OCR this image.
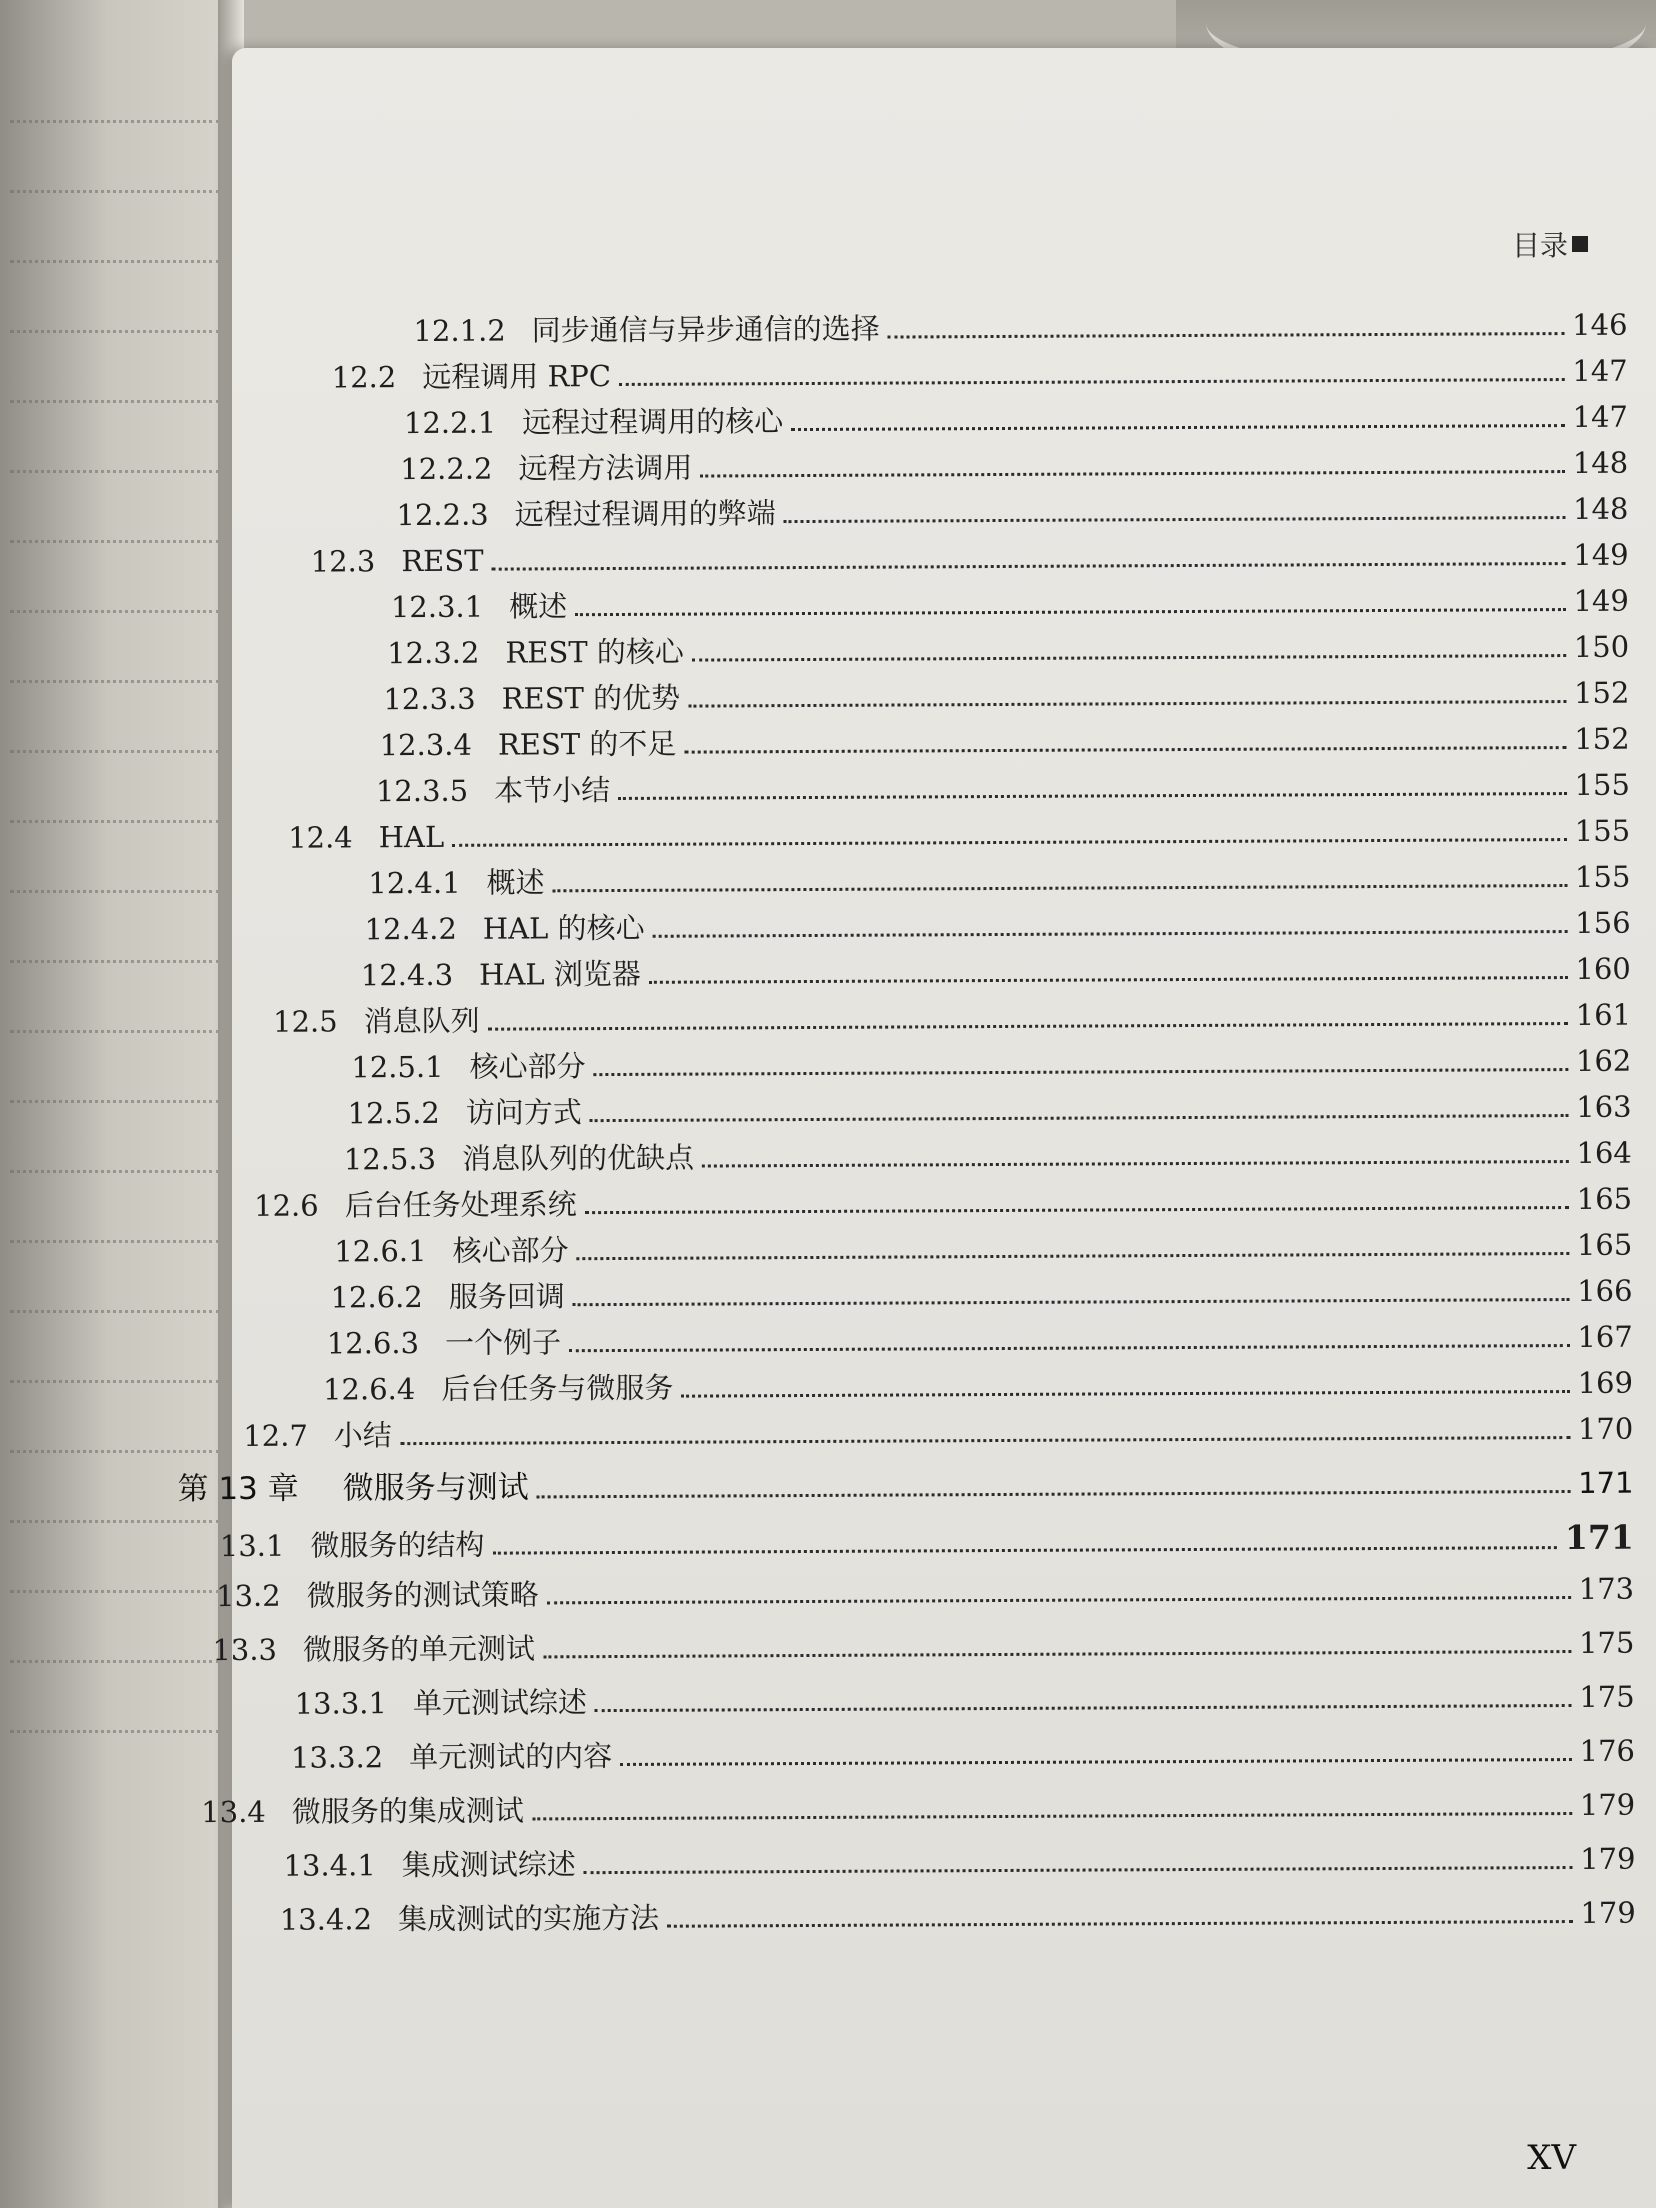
目录
12.1.2 同步通信与异步通信的选择	146
12.2 远程调用 RPC	147
12.2.1 远程过程调用的核心	147
12.2.2 远程方法调用	148
12.2.3 远程过程调用的弊端	148
12.3 REST	149
12.3.1 概述	149
12.3.2 REST 的核心	150
12.3.3 REST 的优势	152
12.3.4 REST 的不足	152
12.3.5 本节小结	155
12.4 HAL	155
12.4.1 概述	155
12.4.2 HAL 的核心	156
12.4.3 HAL 浏览器	160
12.5 消息队列	161
12.5.1 核心部分	162
12.5.2 访问方式	163
12.5.3 消息队列的优缺点	164
12.6 后台任务处理系统	165
12.6.1 核心部分	165
12.6.2 服务回调	166
12.6.3 一个例子	167
12.6.4 后台任务与微服务	169
12.7 小结	170
第 13 章 微服务与测试	171
13.1 微服务的结构	171
13.2 微服务的测试策略	173
13.3 微服务的单元测试	175
13.3.1 单元测试综述	175
13.3.2 单元测试的内容	176
13.4 微服务的集成测试	179
13.4.1 集成测试综述	179
13.4.2 集成测试的实施方法	179
XV
